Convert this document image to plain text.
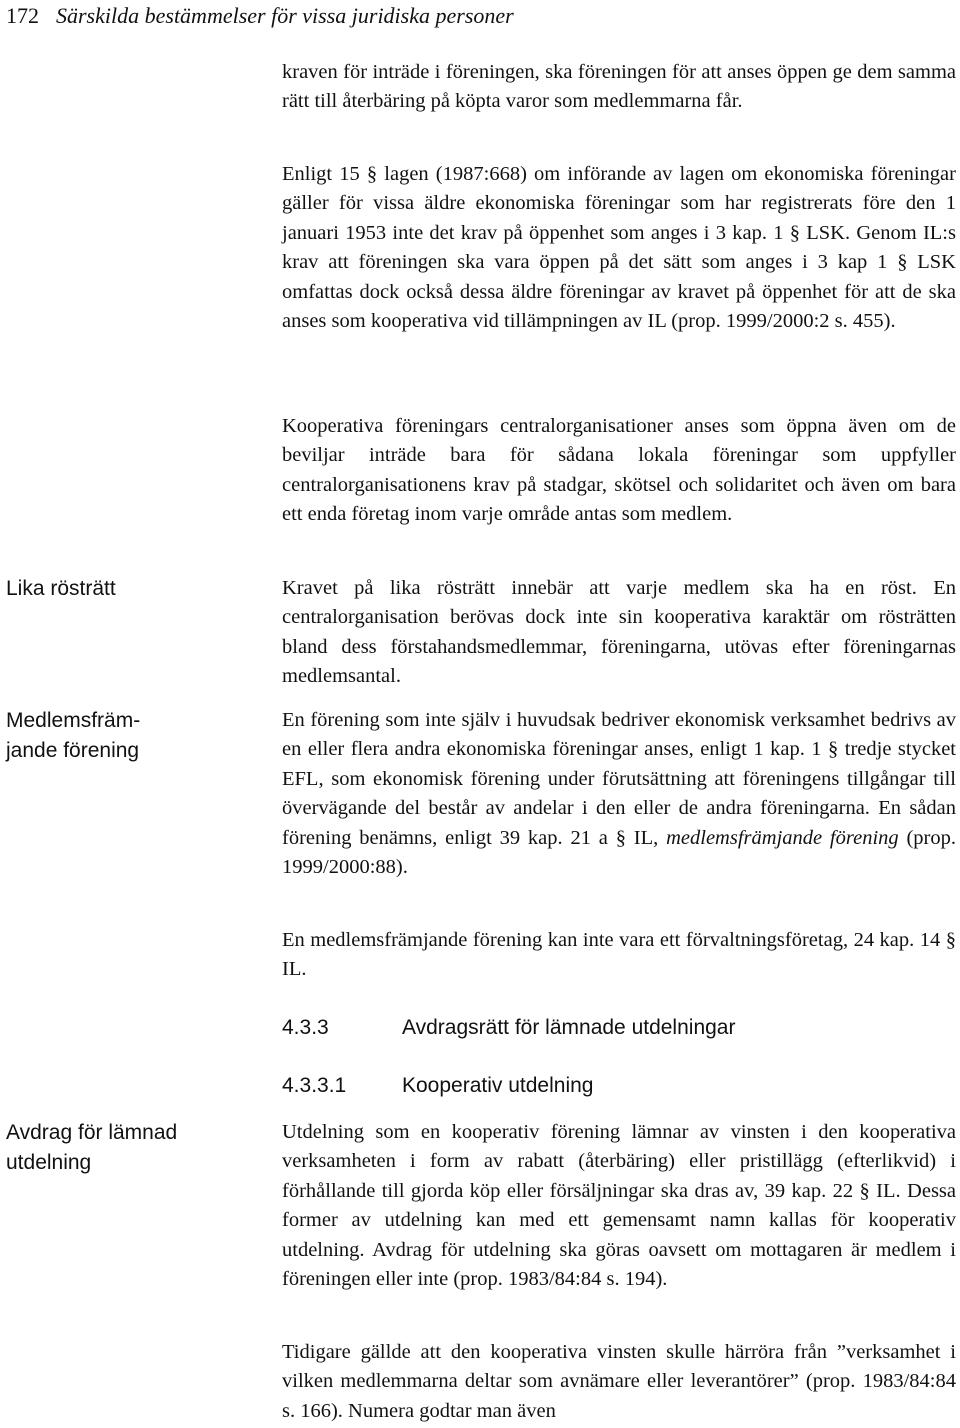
172 Särskilda bestämmelser för vissa juridiska personer
Lika rösträtt
Medlemsfräm-
jande förening
Avdrag för lämnad
utdelning

kraven för inträde i föreningen, ska föreningen för att anses öppen ge dem samma rätt till återbäring på köpta varor som medlemmarna får.

Enligt 15 § lagen (1987:668) om införande av lagen om ekonomiska föreningar gäller för vissa äldre ekonomiska föreningar som har registrerats före den 1 januari 1953 inte det krav på öppenhet som anges i 3 kap. 1 § LSK. Genom IL:s krav att föreningen ska vara öppen på det sätt som anges i 3 kap 1 § LSK omfattas dock också dessa äldre föreningar av kravet på öppenhet för att de ska anses som kooperativa vid tillämpningen av IL (prop. 1999/2000:2 s. 455).

Kooperativa föreningars centralorganisationer anses som öppna även om de beviljar inträde bara för sådana lokala föreningar som uppfyller centralorganisationens krav på stadgar, skötsel och solidaritet och även om bara ett enda företag inom varje område antas som medlem.

Kravet på lika rösträtt innebär att varje medlem ska ha en röst. En centralorganisation berövas dock inte sin kooperativa karaktär om rösträtten bland dess förstahandsmedlemmar, föreningarna, utövas efter föreningarnas medlemsantal.

En förening som inte själv i huvudsak bedriver ekonomisk verksamhet bedrivs av en eller flera andra ekonomiska föreningar anses, enligt 1 kap. 1 § tredje stycket EFL, som ekonomisk förening under förutsättning att föreningens tillgångar till övervägande del består av andelar i den eller de andra föreningarna. En sådan förening benämns, enligt 39 kap. 21 a § IL, medlemsfrämjande förening (prop. 1999/2000:88).

En medlemsfrämjande förening kan inte vara ett förvaltningsföretag, 24 kap. 14 § IL.

4.3.3	Avdragsrätt för lämnade utdelningar
4.3.3.1	Kooperativ utdelning

Utdelning som en kooperativ förening lämnar av vinsten i den kooperativa verksamheten i form av rabatt (återbäring) eller pristillägg (efterlikvid) i förhållande till gjorda köp eller försäljningar ska dras av, 39 kap. 22 § IL. Dessa former av utdelning kan med ett gemensamt namn kallas för kooperativ utdelning. Avdrag för utdelning ska göras oavsett om mottagaren är medlem i föreningen eller inte (prop. 1983/84:84 s. 194).

Tidigare gällde att den kooperativa vinsten skulle härröra från ”verksamhet i vilken medlemmarna deltar som avnämare eller leverantörer” (prop. 1983/84:84 s. 166). Numera godtar man även
